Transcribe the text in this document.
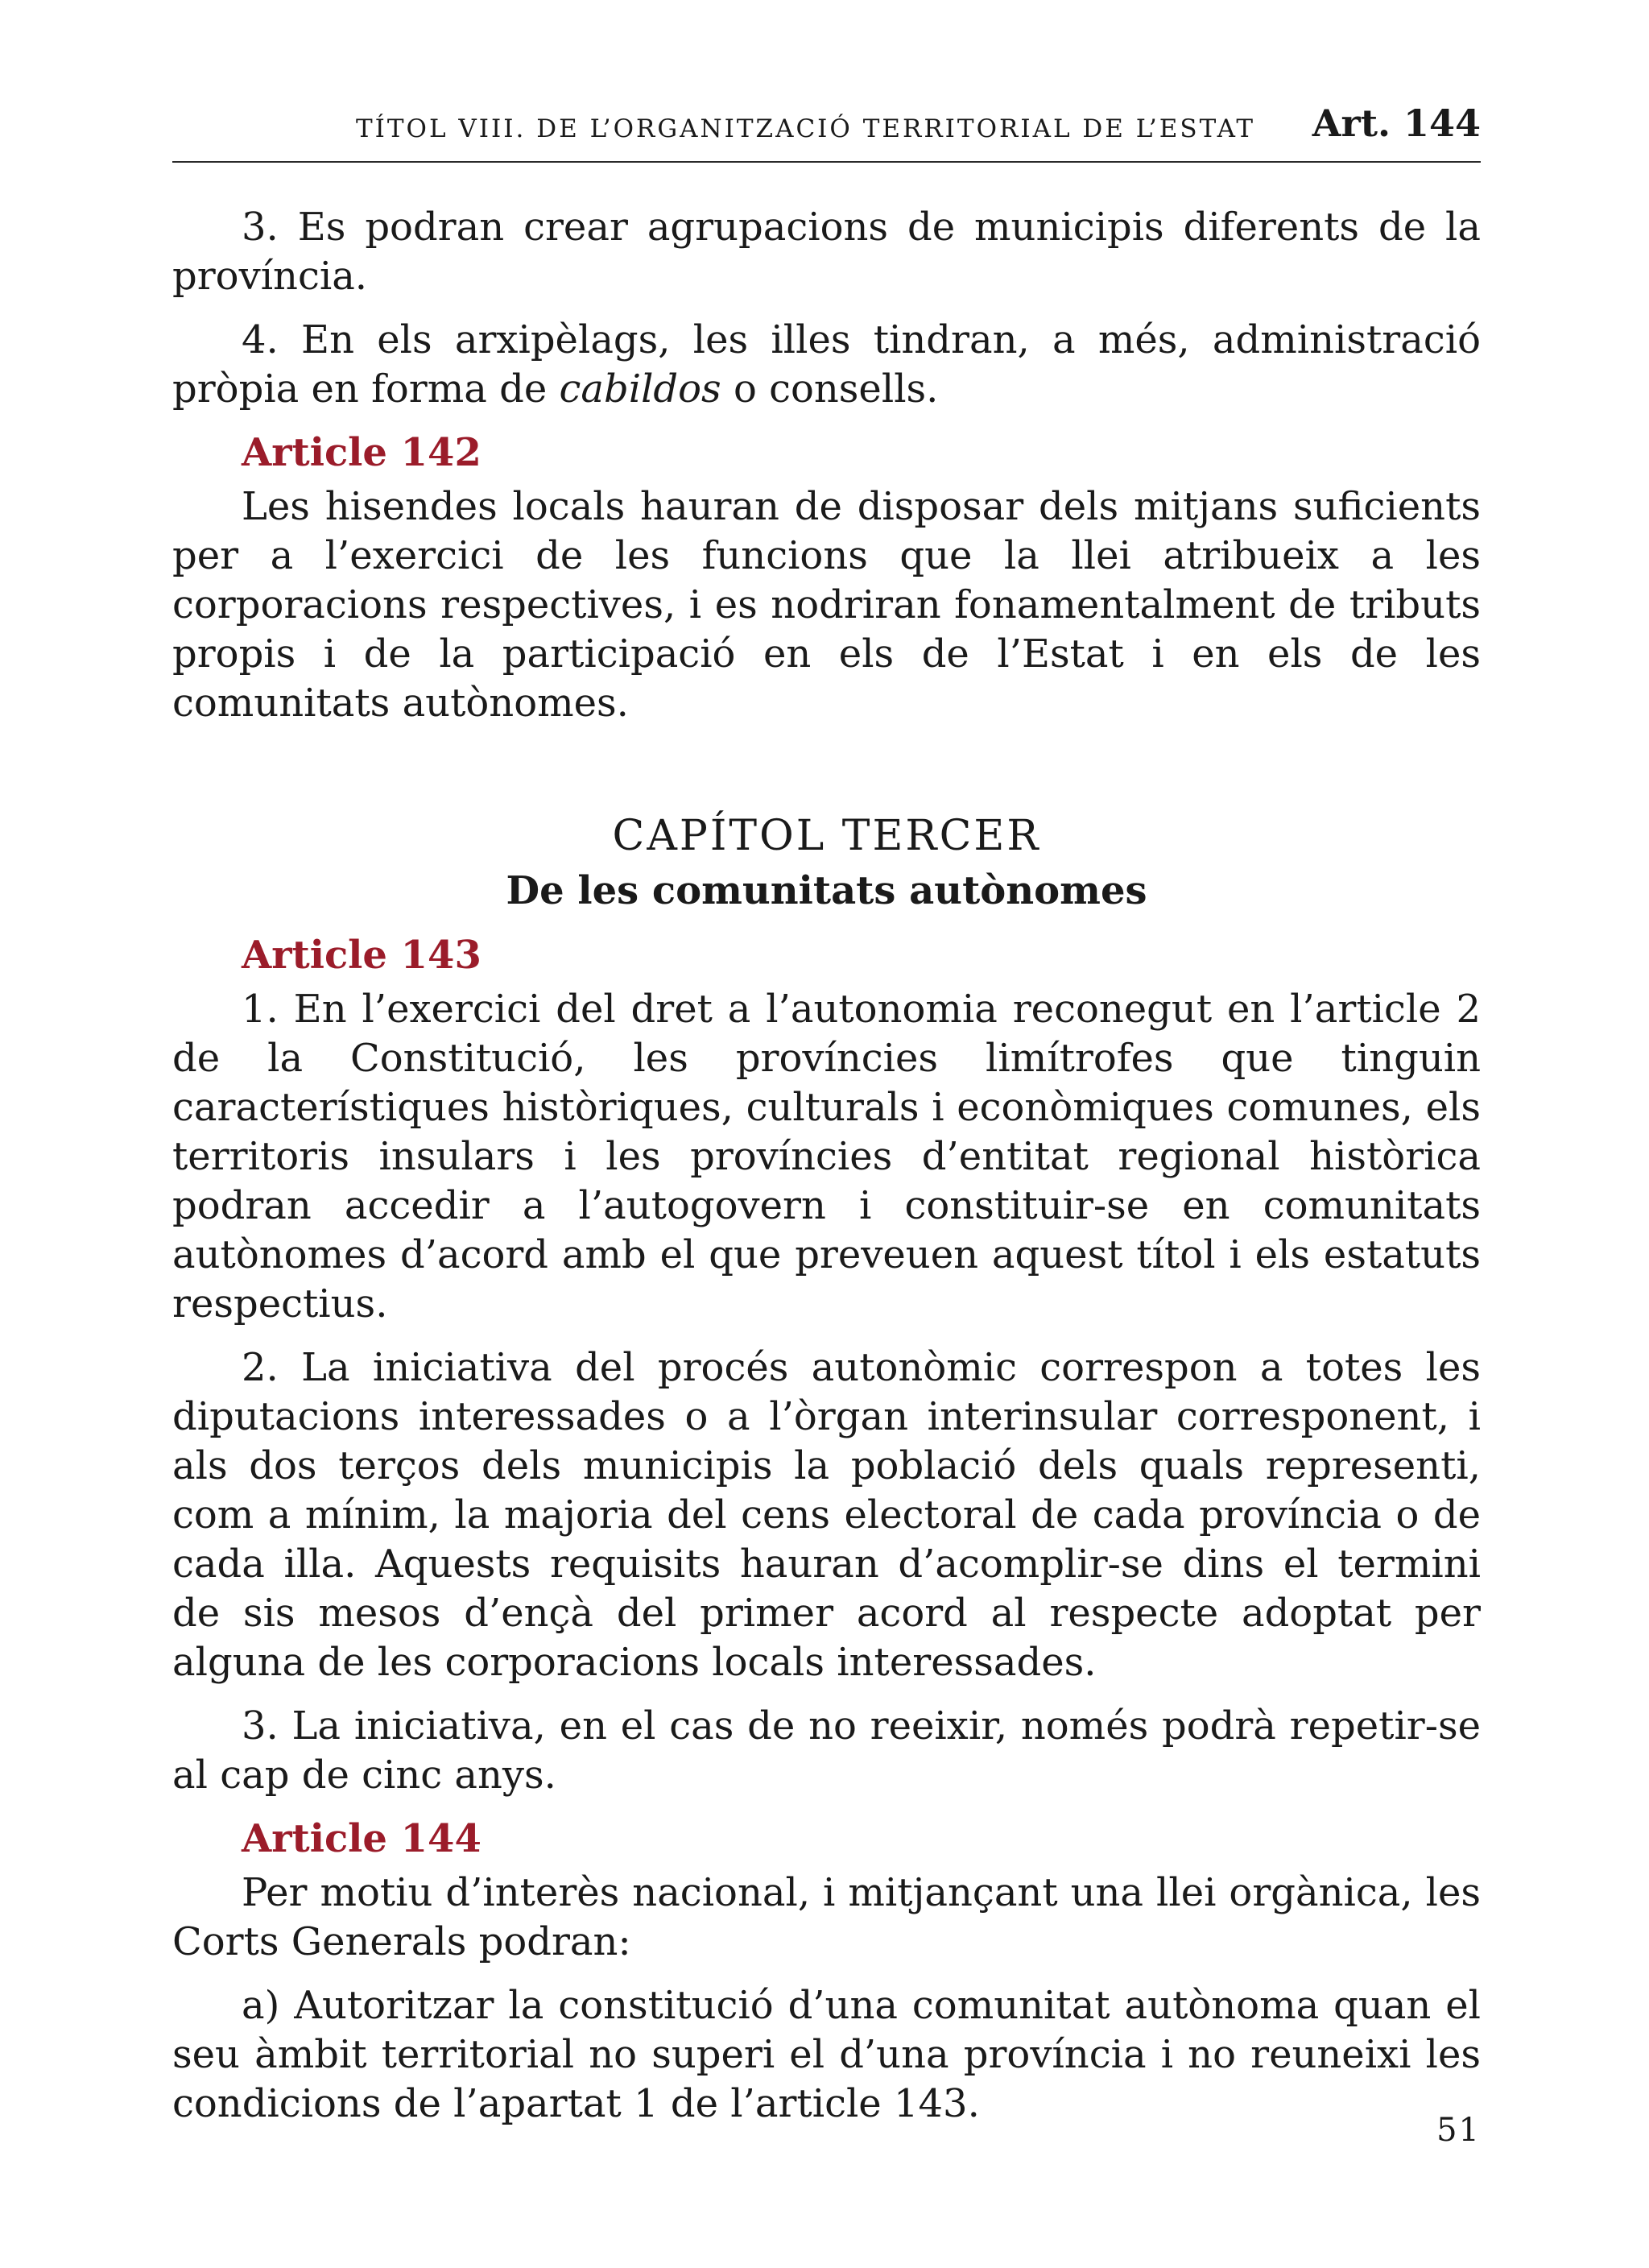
TÍTOL VIII. DE L’ORGANITZACIÓ TERRITORIAL DE L’ESTAT Art. 144

3. Es podran crear agrupacions de municipis diferents de la província.

4. En els arxipèlags, les illes tindran, a més, administració pròpia en forma de cabildos o consells.

Article 142

Les hisendes locals hauran de disposar dels mitjans suficients per a l’exercici de les funcions que la llei atribueix a les corporacions respectives, i es nodriran fonamentalment de tributs propis i de la participació en els de l’Estat i en els de les comunitats autònomes.

CAPÍTOL TERCER
De les comunitats autònomes
Article 143

1. En l’exercici del dret a l’autonomia reconegut en l’article 2 de la Constitució, les províncies limítrofes que tinguin característiques històriques, culturals i econòmiques comunes, els territoris insulars i les províncies d’entitat regional històrica podran accedir a l’autogovern i constituir-se en comunitats autònomes d’acord amb el que preveuen aquest títol i els estatuts respectius.

2. La iniciativa del procés autonòmic correspon a totes les diputacions interessades o a l’òrgan interinsular corresponent, i als dos terços dels municipis la població dels quals representi, com a mínim, la majoria del cens electoral de cada província o de cada illa. Aquests requisits hauran d’acomplir-se dins el termini de sis mesos d’ençà del primer acord al respecte adoptat per alguna de les corporacions locals interessades.

3. La iniciativa, en el cas de no reeixir, només podrà repetir-se al cap de cinc anys.

Article 144

Per motiu d’interès nacional, i mitjançant una llei orgànica, les Corts Generals podran:

a) Autoritzar la constitució d’una comunitat autònoma quan el seu àmbit territorial no superi el d’una província i no reuneixi les condicions de l’apartat 1 de l’article 143.

51
